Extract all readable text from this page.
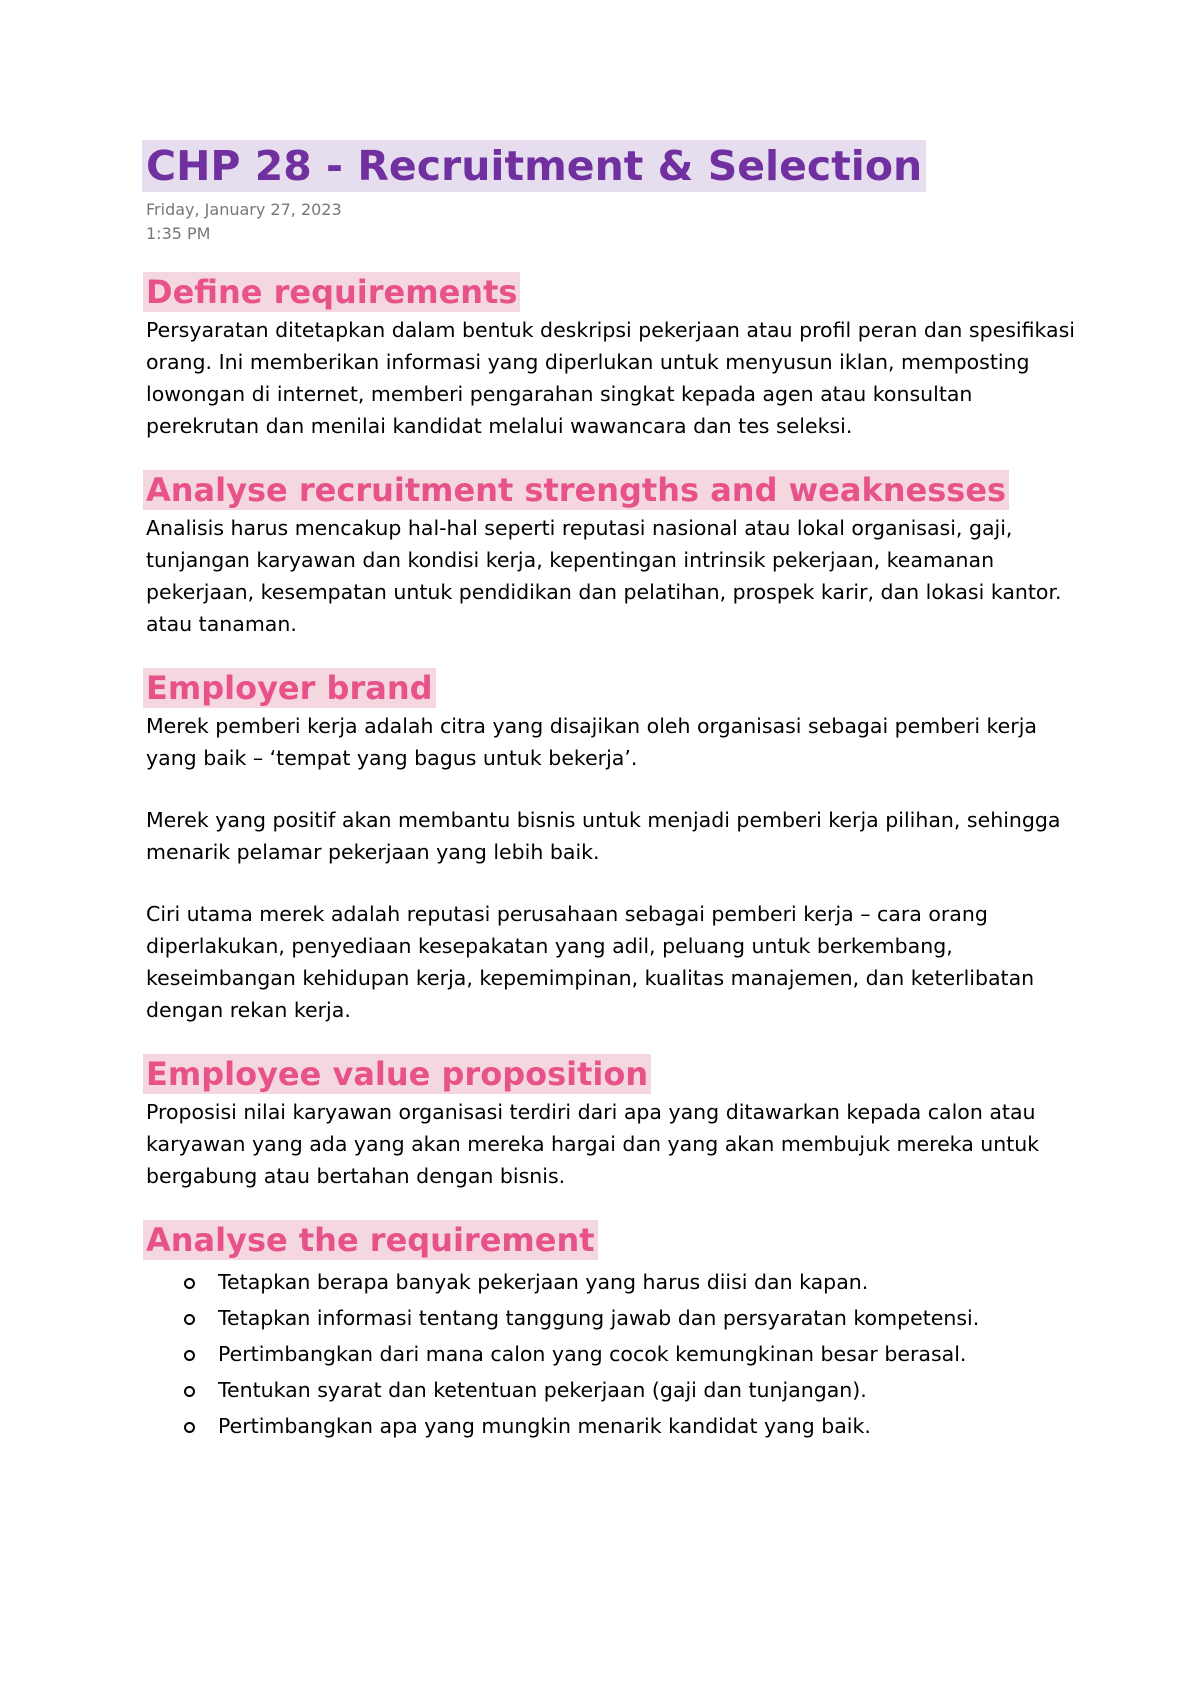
CHP 28 - Recruitment & Selection
Friday, January 27, 2023
1:35 PM
Define requirements

Persyaratan ditetapkan dalam bentuk deskripsi pekerjaan atau profil peran dan spesifikasi orang. Ini memberikan informasi yang diperlukan untuk menyusun iklan, memposting lowongan di internet, memberi pengarahan singkat kepada agen atau konsultan perekrutan dan menilai kandidat melalui wawancara dan tes seleksi.

Analyse recruitment strengths and weaknesses

Analisis harus mencakup hal-hal seperti reputasi nasional atau lokal organisasi, gaji, tunjangan karyawan dan kondisi kerja, kepentingan intrinsik pekerjaan, keamanan pekerjaan, kesempatan untuk pendidikan dan pelatihan, prospek karir, dan lokasi kantor. atau tanaman.

Employer brand

Merek pemberi kerja adalah citra yang disajikan oleh organisasi sebagai pemberi kerja yang baik – ‘tempat yang bagus untuk bekerja’.

Merek yang positif akan membantu bisnis untuk menjadi pemberi kerja pilihan, sehingga menarik pelamar pekerjaan yang lebih baik.

Ciri utama merek adalah reputasi perusahaan sebagai pemberi kerja – cara orang diperlakukan, penyediaan kesepakatan yang adil, peluang untuk berkembang, keseimbangan kehidupan kerja, kepemimpinan, kualitas manajemen, dan keterlibatan dengan rekan kerja.

Employee value proposition

Proposisi nilai karyawan organisasi terdiri dari apa yang ditawarkan kepada calon atau karyawan yang ada yang akan mereka hargai dan yang akan membujuk mereka untuk bergabung atau bertahan dengan bisnis.

Analyse the requirement
Tetapkan berapa banyak pekerjaan yang harus diisi dan kapan.
Tetapkan informasi tentang tanggung jawab dan persyaratan kompetensi.
Pertimbangkan dari mana calon yang cocok kemungkinan besar berasal.
Tentukan syarat dan ketentuan pekerjaan (gaji dan tunjangan).
Pertimbangkan apa yang mungkin menarik kandidat yang baik.
